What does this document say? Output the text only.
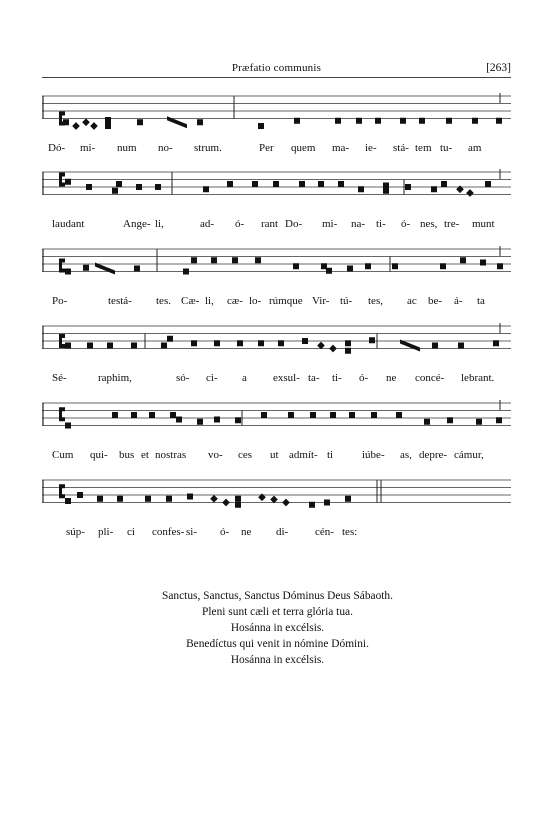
Præfatio communis	[263]
Dó- mi- num no- strum.	Per quem ma- ie- stá- tem tu- am
laudant	Ange- li,	ad- ó- rant Do- mi- na- ti- ó- nes, tre- munt
Po-	testá- tes. Cæ- li, cæ- lo- rúmque Vir- tú- tes, ac be- á- ta
Sé-	raphim,	só- ci- a exsul- ta- ti- ó- ne concé- lebrant.
Cum qui- bus et nostras vo- ces ut admít- ti	iúbe- as, depre- cámur,
súp- pli- ci confes- si- ó- ne di- cén- tes:
Sanctus, Sanctus, Sanctus Dóminus Deus Sábaoth.
Pleni sunt cæli et terra glória tua.
Hosánna in excélsis.
Benedíctus qui venit in nómine Dómini.
Hosánna in excélsis.
